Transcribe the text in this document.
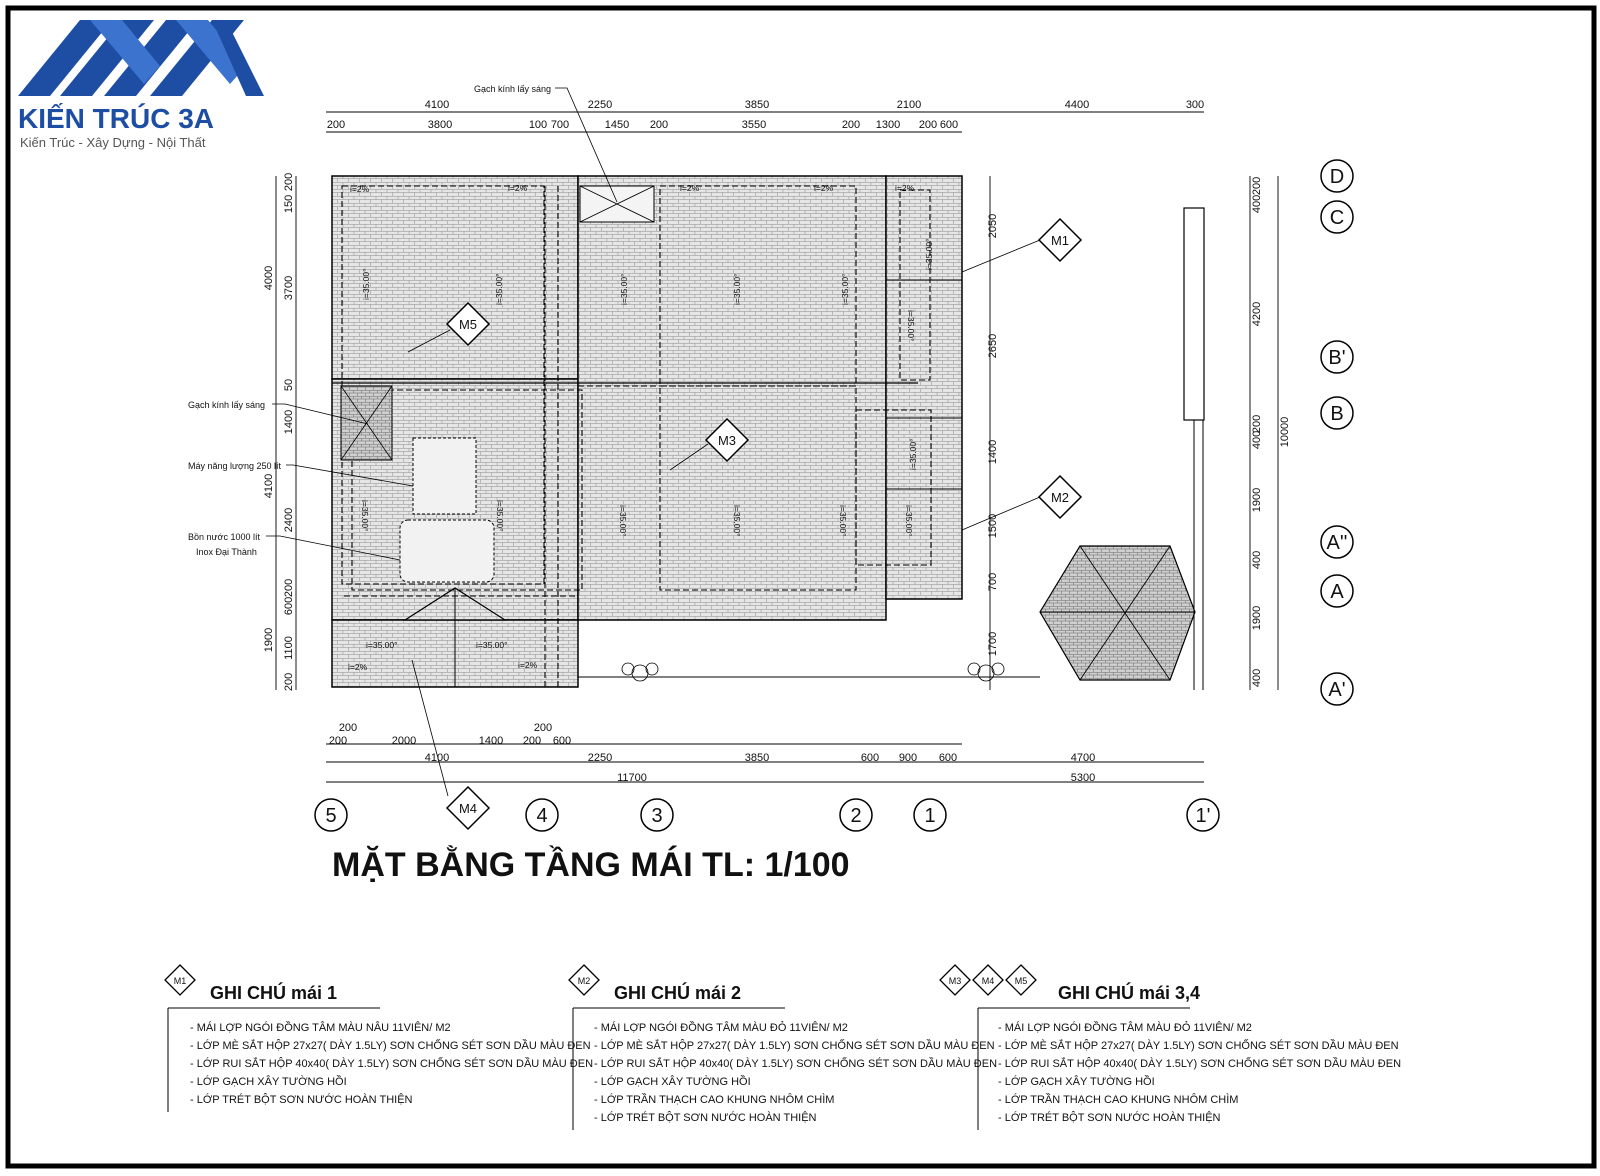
KIẾN TRÚC 3A
Kiến Trúc - Xây Dựng - Nội Thất
i=2%	i=2%	i=2%	i=2%	i=2%
i=2%	i=2%
i=35.00°	i=35.00°	i=35.00°	i=35.00°	i=35.00°
i=35.00°
i=35.00°
i=35.00°	i=35.00°	i=35.00°	i=35.00°	i=35.00°
i=35.00°
i=35.00°
i=35.00°	i=35.00°
Gạch kính lấy sáng
Gạch kính lấy sáng
Máy năng lượng 250 lít
Bồn nước 1000 lít
Inox Đại Thành
M5
M3
M1
M2
M4
4100	2250	3850	2100	4400	300
200	3800	100 700	1450 200	3550	200 1300 200 600
200
200	2000	1400
200
200 600
2250	3850	600 900 600	4700
4100
11700	5300
4000
4100
1900
200
150
3700
50
1400
2400
200
600
1100
200
2050
2650
1400
1500
700
1700
200
400
4200
200
400
1900
400
1900
400
10000
5	4	3	2	1	1'
D
C
B'
B
A''
A
A'
MẶT BẰNG TẦNG MÁI TL: 1/100
M1
GHI CHÚ mái 1
- MÁI LỢP NGÓI ĐỒNG TÂM MÀU NÂU 11VIÊN/ M2
- LỚP MÈ SẮT HỘP 27x27( DÀY 1.5LY) SƠN CHỐNG SÉT SƠN DẦU MÀU ĐEN
- LỚP RUI SẮT HỘP 40x40( DÀY 1.5LY) SƠN CHỐNG SÉT SƠN DẦU MÀU ĐEN
- LỚP GẠCH XÂY TƯỜNG HỒI
- LỚP TRÉT BỘT SƠN NƯỚC HOÀN THIỆN
M2
GHI CHÚ mái 2
- MÁI LỢP NGÓI ĐỒNG TÂM MÀU ĐỎ 11VIÊN/ M2
- LỚP MÈ SẮT HỘP 27x27( DÀY 1.5LY) SƠN CHỐNG SÉT SƠN DẦU MÀU ĐEN
- LỚP RUI SẮT HỘP 40x40( DÀY 1.5LY) SƠN CHỐNG SÉT SƠN DẦU MÀU ĐEN
- LỚP GẠCH XÂY TƯỜNG HỒI
- LỚP TRẦN THẠCH CAO KHUNG NHÔM CHÌM
- LỚP TRÉT BỘT SƠN NƯỚC HOÀN THIỆN
M3 M4 M5
GHI CHÚ mái 3,4
- MÁI LỢP NGÓI ĐỒNG TÂM MÀU ĐỎ 11VIÊN/ M2
- LỚP MÈ SẮT HỘP 27x27( DÀY 1.5LY) SƠN CHỐNG SÉT SƠN DẦU MÀU ĐEN
- LỚP RUI SẮT HỘP 40x40( DÀY 1.5LY) SƠN CHỐNG SÉT SƠN DẦU MÀU ĐEN
- LỚP GẠCH XÂY TƯỜNG HỒI
- LỚP TRẦN THẠCH CAO KHUNG NHÔM CHÌM
- LỚP TRÉT BỘT SƠN NƯỚC HOÀN THIỆN
